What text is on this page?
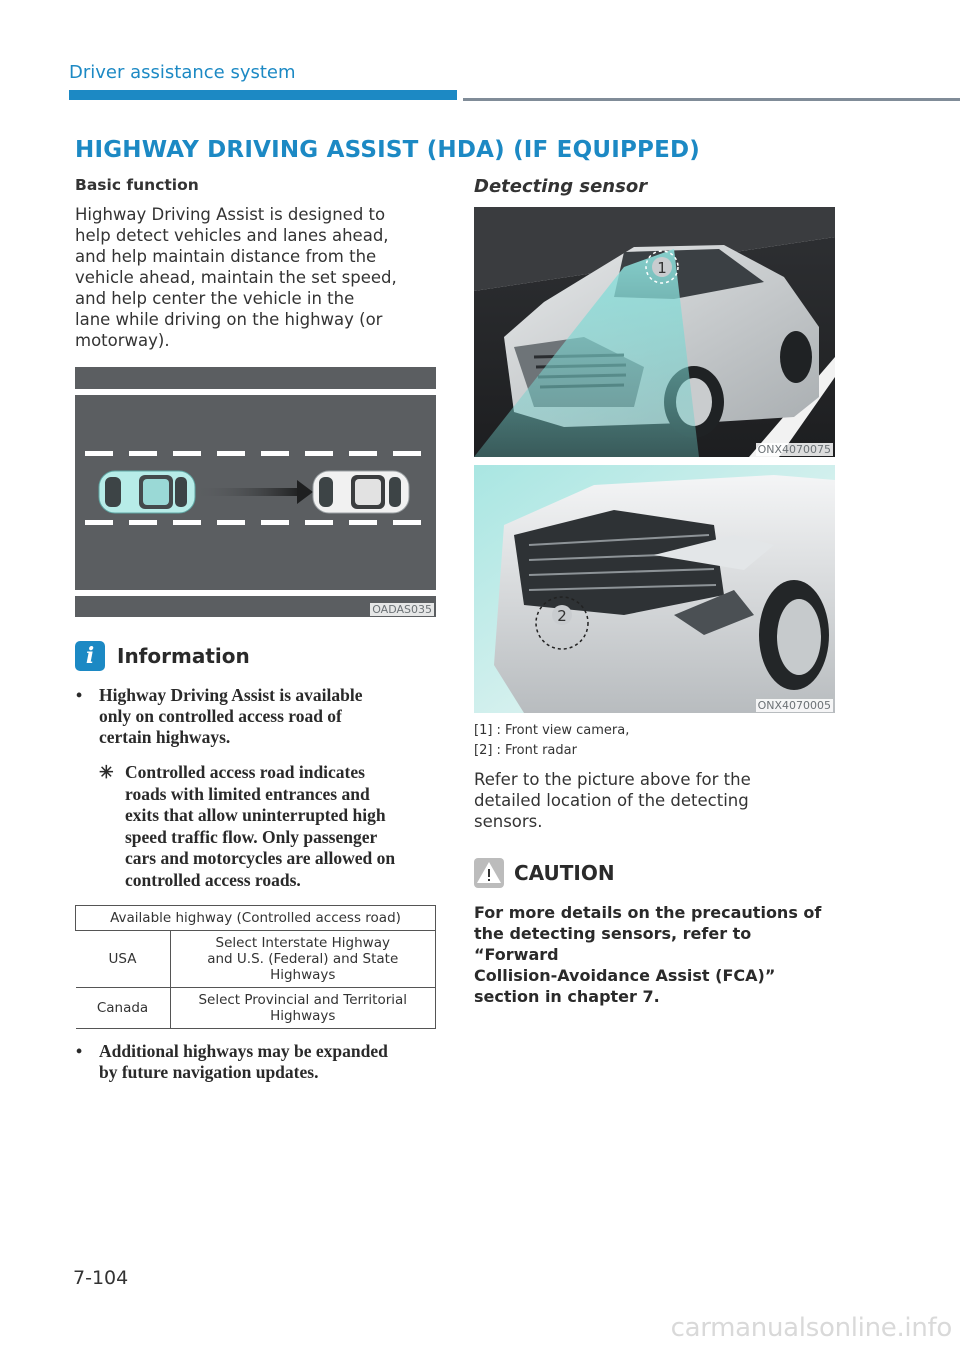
Driver assistance system
HIGHWAY DRIVING ASSIST (HDA) (IF EQUIPPED)
Basic function

Highway Driving Assist is designed to
help detect vehicles and lanes ahead,
and help maintain distance from the
vehicle ahead, maintain the set speed,
and help center the vehicle in the
lane while driving on the highway (or
motorway).

OADAS035
i	Information
• Highway Driving Assist is available
only on controlled access road of
certain highways.
✳ Controlled access road indicates
roads with limited entrances and
exits that allow uninterrupted high
speed traffic flow. Only passenger
cars and motorcycles are allowed on
controlled access roads.
Available highway (Controlled access road)	
USA	Select Interstate Highway
and U.S. (Federal) and State
Highways
Canada	Select Provincial and Territorial
Highways
• Additional highways may be expanded
by future navigation updates.
Detecting sensor
1
ONX4070075
2
ONX4070005
[1] : Front view camera,
[2] : Front radar

Refer to the picture above for the
detailed location of the detecting
sensors.

CAUTION
For more details on the precautions of
the detecting sensors, refer to “Forward
Collision-Avoidance Assist (FCA)”
section in chapter 7.
7-104
carmanualsonline.info
